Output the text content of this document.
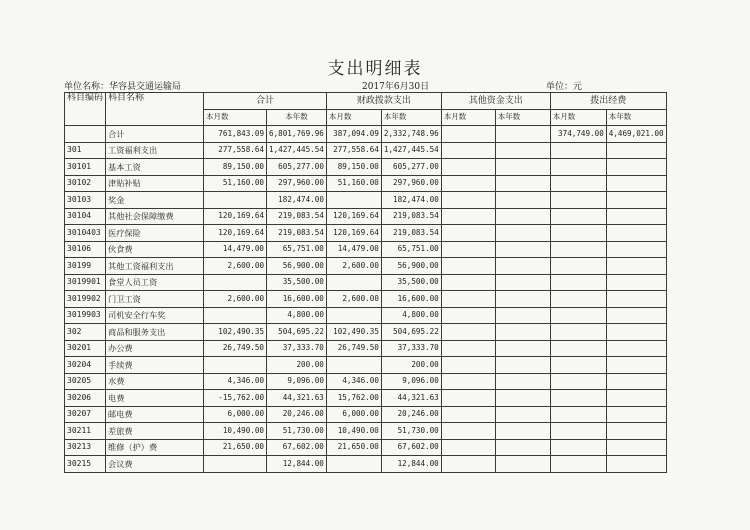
支出明细表
单位名称：华容县交通运输局	2017年6月30日	单位：元
科目编码	科目名称	合计		财政拨款支出		其他资金支出		拨出经费	
		本月数	本年数	本月数	本年数	本月数	本年数	本月数	本年数
	合计	761,843.09	6,801,769.96	387,094.09	2,332,748.96			374,749.00	4,469,021.00
301	工资福利支出	277,558.64	1,427,445.54	277,558.64	1,427,445.54				
30101	基本工资	89,150.00	605,277.00	89,150.00	605,277.00				
30102	津贴补贴	51,160.00	297,960.00	51,160.00	297,960.00				
30103	奖金		182,474.00		182,474.00				
30104	其他社会保障缴费	120,169.64	219,083.54	120,169.64	219,083.54				
3010403	医疗保险	120,169.64	219,083.54	120,169.64	219,083.54				
30106	伙食费	14,479.00	65,751.00	14,479.00	65,751.00				
30199	其他工资福利支出	2,600.00	56,900.00	2,600.00	56,900.00				
3019901	食堂人员工资		35,500.00		35,500.00				
3019902	门卫工资	2,600.00	16,600.00	2,600.00	16,600.00				
3019903	司机安全行车奖		4,800.00		4,800.00				
302	商品和服务支出	102,490.35	504,695.22	102,490.35	504,695.22				
30201	办公费	26,749.50	37,333.70	26,749.50	37,333.70				
30204	手续费		200.00		200.00				
30205	水费	4,346.00	9,096.00	4,346.00	9,096.00				
30206	电费	-15,762.00	44,321.63	15,762.00	44,321.63				
30207	邮电费	6,000.00	20,246.00	6,000.00	20,246.00				
30211	差旅费	10,490.00	51,730.00	10,490.00	51,730.00				
30213	维修（护）费	21,650.00	67,602.00	21,650.00	67,602.00				
30215	会议费		12,844.00		12,844.00				
